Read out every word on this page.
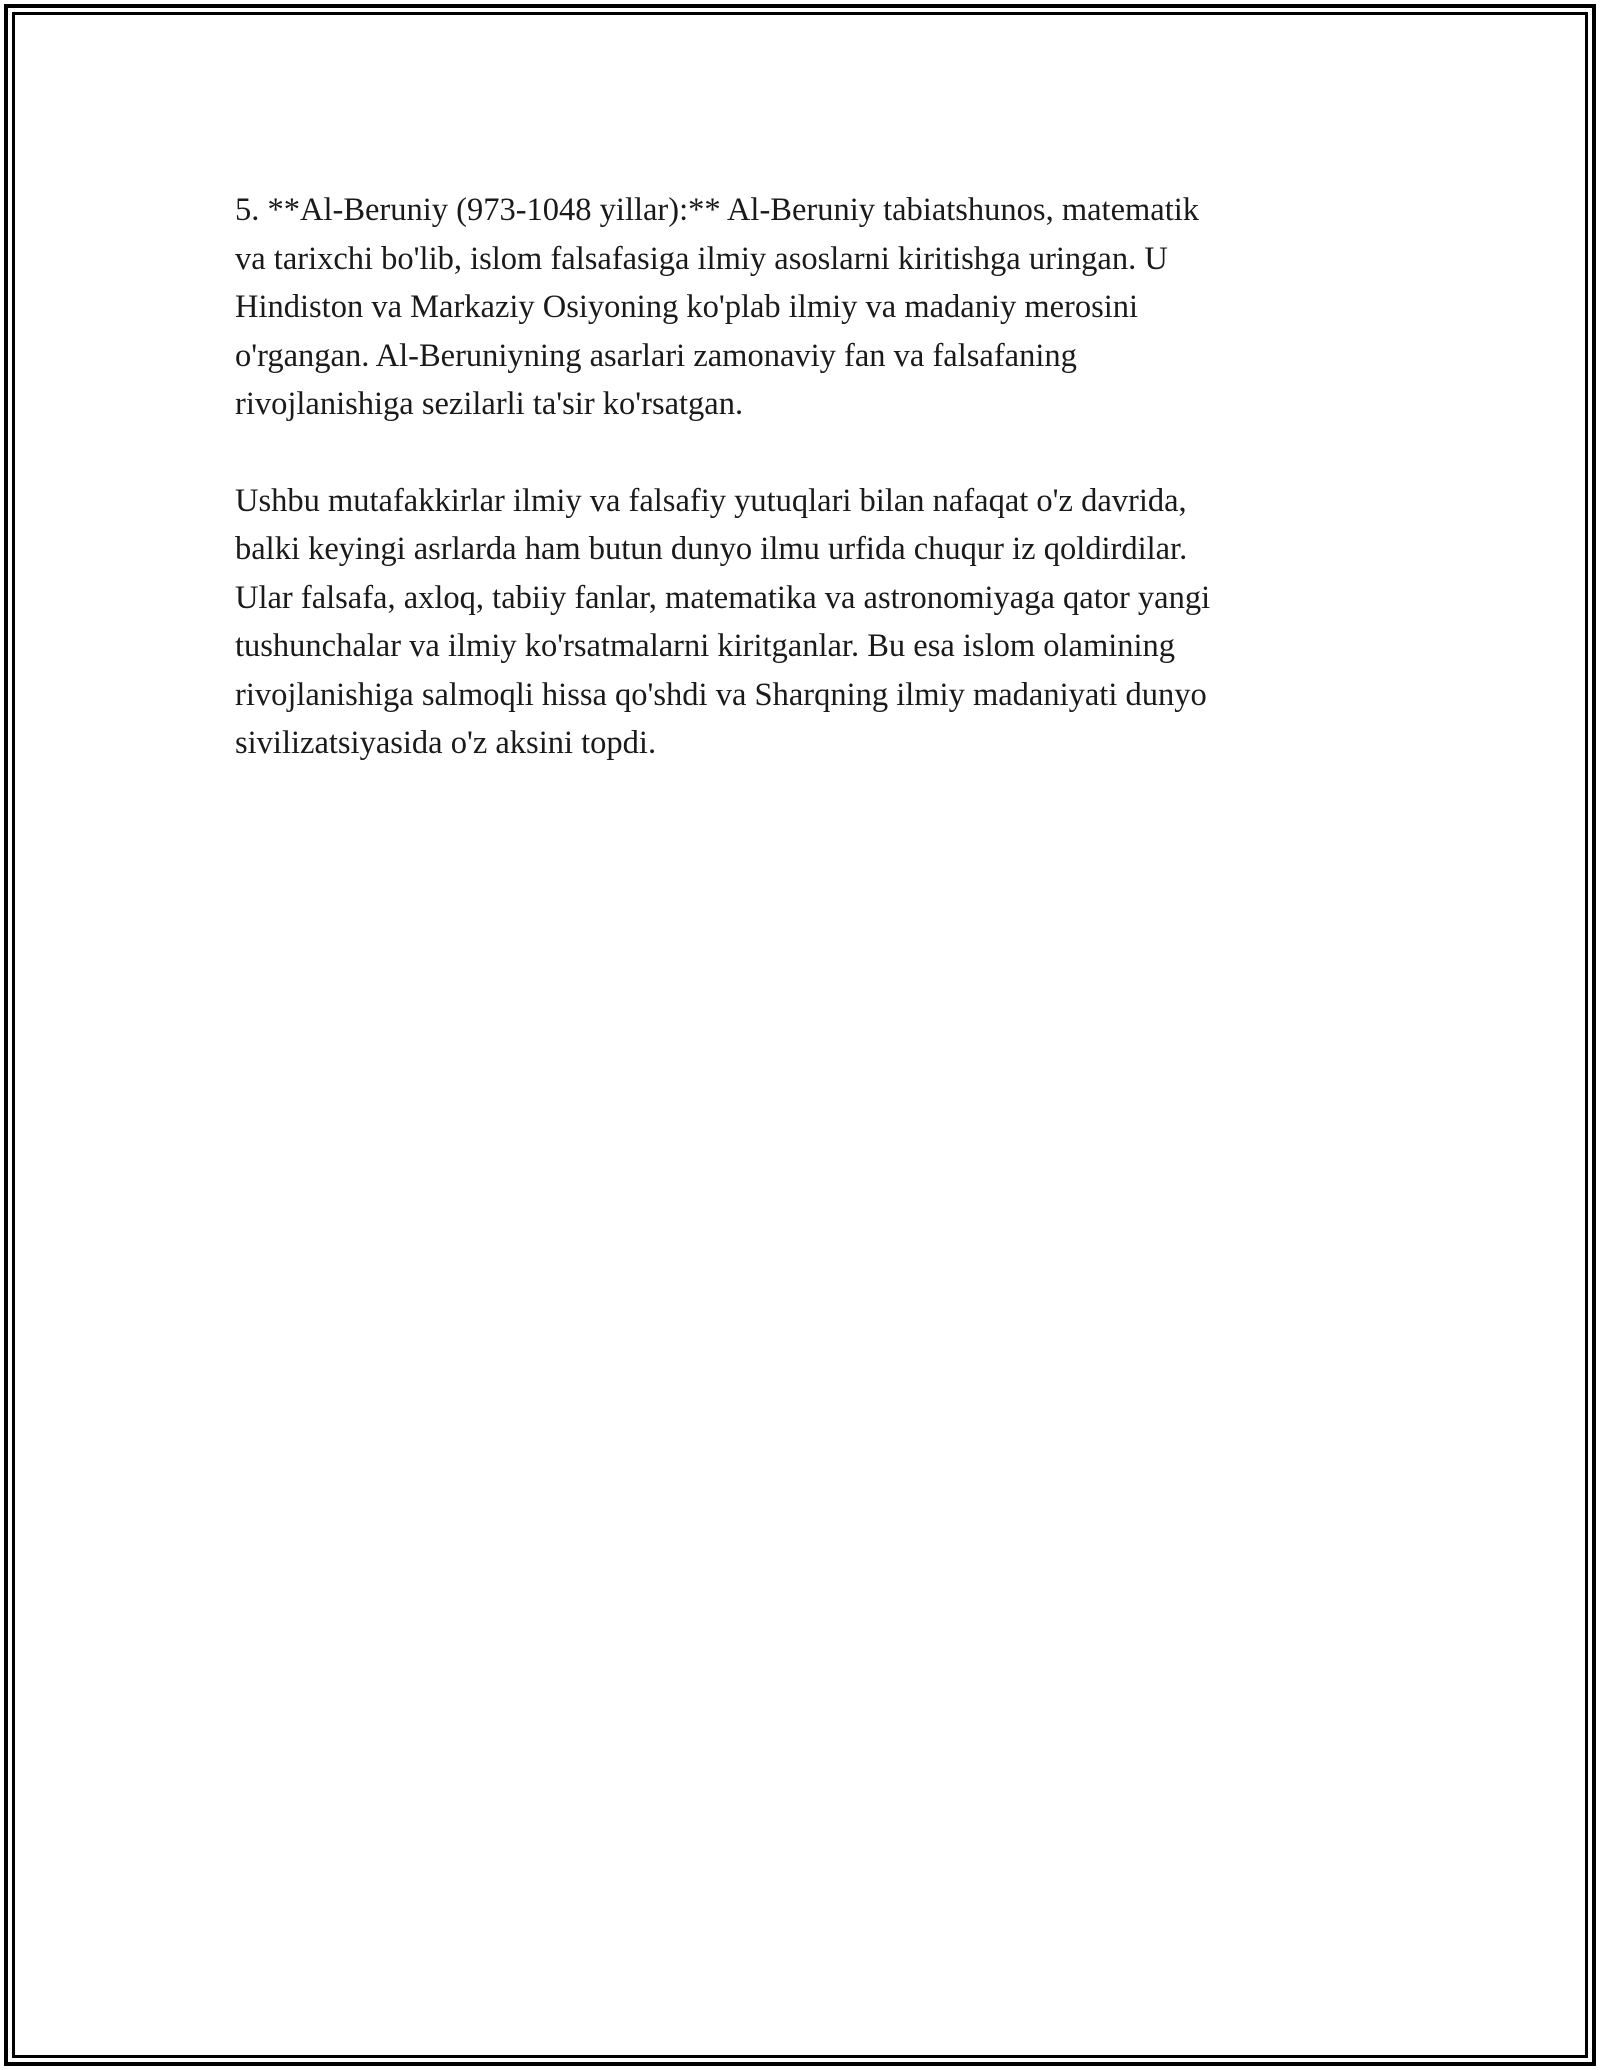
5. **Al-Beruniy (973-1048 yillar):** Al-Beruniy tabiatshunos, matematik
va tarixchi bo'lib, islom falsafasiga ilmiy asoslarni kiritishga uringan. U
Hindiston va Markaziy Osiyoning ko'plab ilmiy va madaniy merosini
o'rgangan. Al-Beruniyning asarlari zamonaviy fan va falsafaning
rivojlanishiga sezilarli ta'sir ko'rsatgan.

Ushbu mutafakkirlar ilmiy va falsafiy yutuqlari bilan nafaqat o'z davrida,
balki keyingi asrlarda ham butun dunyo ilmu urfida chuqur iz qoldirdilar.
Ular falsafa, axloq, tabiiy fanlar, matematika va astronomiyaga qator yangi
tushunchalar va ilmiy ko'rsatmalarni kiritganlar. Bu esa islom olamining
rivojlanishiga salmoqli hissa qo'shdi va Sharqning ilmiy madaniyati dunyo
sivilizatsiyasida o'z aksini topdi.
